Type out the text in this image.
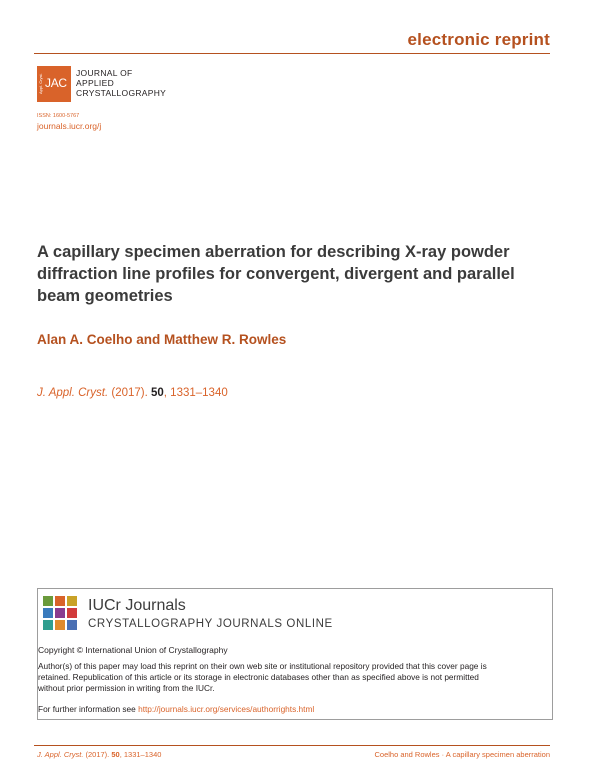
electronic reprint
Appl. Cryst. JAC
JOURNAL OF
APPLIED
CRYSTALLOGRAPHY
ISSN: 1600-5767
journals.iucr.org/j
A capillary specimen aberration for describing X-ray powder diffraction line profiles for convergent, divergent and parallel beam geometries
Alan A. Coelho and Matthew R. Rowles
J. Appl. Cryst. (2017). 50, 1331–1340
IUCr Journals
CRYSTALLOGRAPHY JOURNALS ONLINE
Copyright © International Union of Crystallography
Author(s) of this paper may load this reprint on their own web site or institutional repository provided that this cover page is retained. Republication of this article or its storage in electronic databases other than as specified above is not permitted without prior permission in writing from the IUCr.
For further information see http://journals.iucr.org/services/authorrights.html
J. Appl. Cryst. (2017). 50, 1331–1340	Coelho and Rowles · A capillary specimen aberration
